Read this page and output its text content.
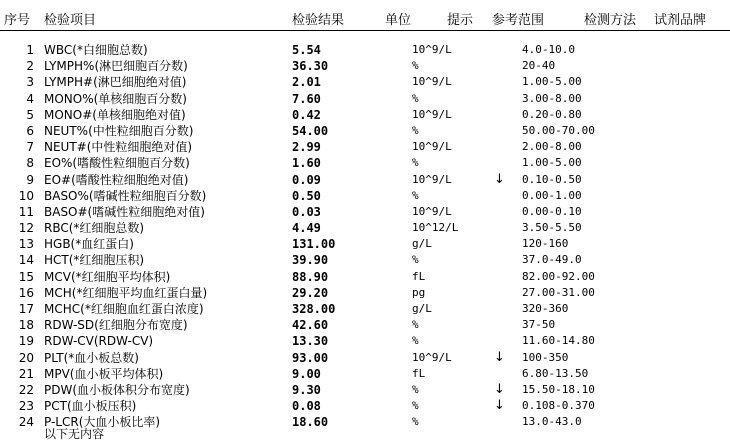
序号 检验项目	检验结果	单位	提示 参考范围	检测方法 试剂品牌
1 WBC(*白细胞总数)	5.54	10^9/L	4.0-10.0
2 LYMPH%(淋巴细胞百分数)	36.30	%	20-40
3 LYMPH#(淋巴细胞绝对值)	2.01	10^9/L	1.00-5.00
4 MONO%(单核细胞百分数)	7.60	%	3.00-8.00
5 MONO#(单核细胞绝对值)	0.42	10^9/L	0.20-0.80
6 NEUT%(中性粒细胞百分数)	54.00	%	50.00-70.00
7 NEUT#(中性粒细胞绝对值)	2.99	10^9/L	2.00-8.00
8 EO%(嗜酸性粒细胞百分数)	1.60	%	1.00-5.00
9 EO#(嗜酸性粒细胞绝对值)	0.09	10^9/L	↓ 0.10-0.50
10 BASO%(嗜碱性粒细胞百分数)	0.50	%	0.00-1.00
11 BASO#(嗜碱性粒细胞绝对值)	0.03	10^9/L	0.00-0.10
12 RBC(*红细胞总数)	4.49	10^12/L	3.50-5.50
13 HGB(*血红蛋白)	131.00	g/L	120-160
14 HCT(*红细胞压积)	39.90	%	37.0-49.0
15 MCV(*红细胞平均体积)	88.90	fL	82.00-92.00
16 MCH(*红细胞平均血红蛋白量)	29.20	pg	27.00-31.00
17 MCHC(*红细胞血红蛋白浓度)	328.00	g/L	320-360
18 RDW-SD(红细胞分布宽度)	42.60	%	37-50
19 RDW-CV(RDW-CV)	13.30	%	11.60-14.80
20 PLT(*血小板总数)	93.00	10^9/L	↓ 100-350
21 MPV(血小板平均体积)	9.00	fL	6.80-13.50
22 PDW(血小板体积分布宽度)	9.30	%	↓ 15.50-18.10
23 PCT(血小板压积)	0.08	%	↓ 0.108-0.370
24 P-LCR(大血小板比率)	18.60	%	13.0-43.0
以下无内容
